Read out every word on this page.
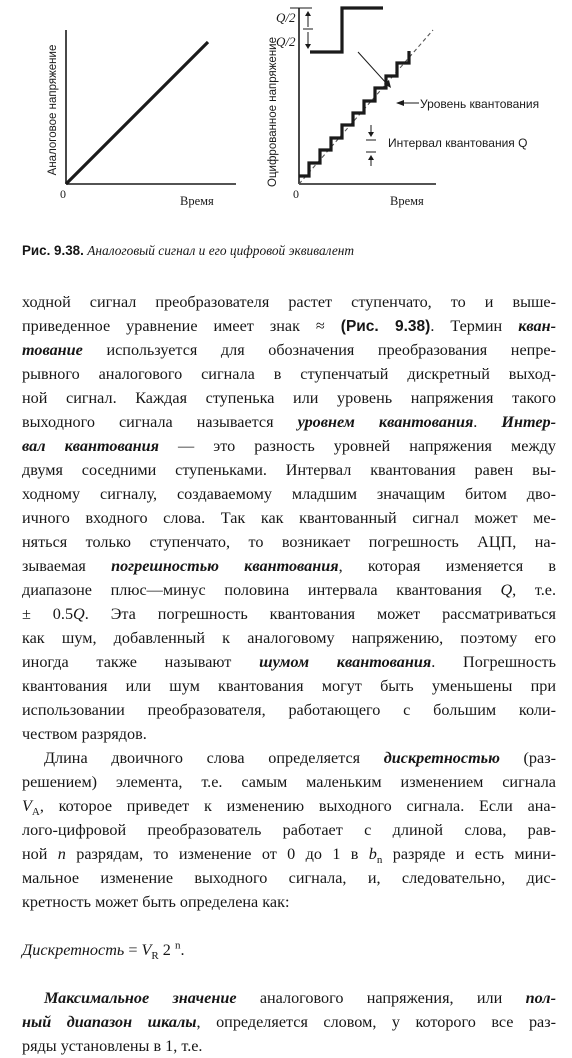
Аналоговое напряжение
Время
0
Q/2
Q/2
Уровень квантования
Интервал квантования Q
Оцифрованное напряжение
Время
0
Рис. 9.38. Аналоговый сигнал и его цифровой эквивалент
ходной сигнал преобразователя растет ступенчато, то и выше-
приведенное уравнение имеет знак ≈ (Рис. 9.38). Термин кван-
тование используется для обозначения преобразования непре-
рывного аналогового сигнала в ступенчатый дискретный выход-
ной сигнал. Каждая ступенька или уровень напряжения такого
выходного сигнала называется уровнем квантования. Интер-
вал квантования — это разность уровней напряжения между
двумя соседними ступеньками. Интервал квантования равен вы-
ходному сигналу, создаваемому младшим значащим битом дво-
ичного входного слова. Так как квантованный сигнал может ме-
няться только ступенчато, то возникает погрешность АЦП, на-
зываемая погрешностью квантования, которая изменяется в
диапазоне плюс—минус половина интервала квантования Q, т.е.
± 0.5Q. Эта погрешность квантования может рассматриваться
как шум, добавленный к аналоговому напряжению, поэтому его
иногда также называют шумом квантования. Погрешность
квантования или шум квантования могут быть уменьшены при
использовании преобразователя, работающего с большим коли-
чеством разрядов.
Длина двоичного слова определяется дискретностью (раз-
решением) элемента, т.е. самым маленьким изменением сигнала
$V_A$, которое приведет к изменению выходного сигнала. Если ана-
лого-цифровой преобразователь работает с длиной слова, рав-
ной n разрядам, то изменение от 0 до 1 в $b_n$ разряде и есть мини-
мальное изменение выходного сигнала, и, следовательно, дис-
кретность может быть определена как:
Дискретность = $V_R$ 2 $^n$.
Максимальное значение аналогового напряжения, или пол-
ный диапазон шкалы, определяется словом, у которого все раз-
ряды установлены в 1, т.е.
